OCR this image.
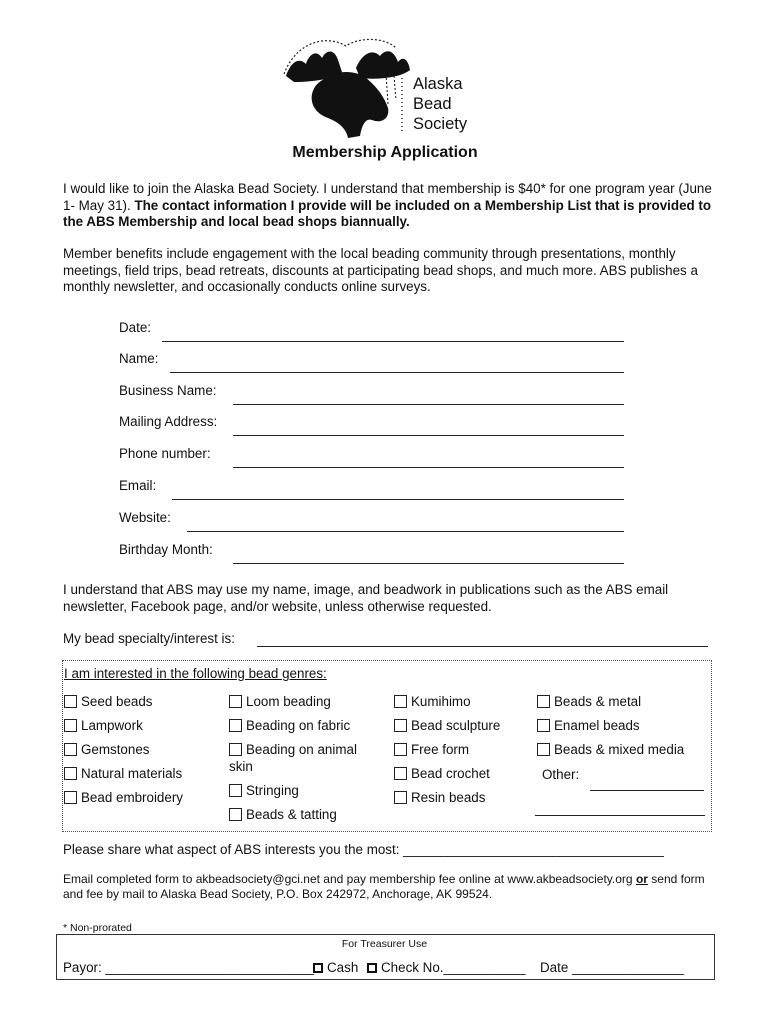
Alaska
Bead
Society
Membership Application
I would like to join the Alaska Bead Society. I understand that membership is $40* for one program year (June 1- May 31). The contact information I provide will be included on a Membership List that is provided to the ABS Membership and local bead shops biannually.
Member benefits include engagement with the local beading community through presentations, monthly meetings, field trips, bead retreats, discounts at participating bead shops, and much more. ABS publishes a monthly newsletter, and occasionally conducts online surveys.
Date:
Name:
Business Name:
Mailing Address:
Phone number:
Email:
Website:
Birthday Month:
I understand that ABS may use my name, image, and beadwork in publications such as the ABS email newsletter, Facebook page, and/or website, unless otherwise requested.
My bead specialty/interest is:
I am interested in the following bead genres:
Seed beads
Lampwork
Gemstones
Natural materials
Bead embroidery
Loom beading
Beading on fabric
Beading on animal
skin
Stringing
Beads & tatting
Kumihimo
Bead sculpture
Free form
Bead crochet
Resin beads
Beads & metal
Enamel beads
Beads & mixed media
Other:
Please share what aspect of ABS interests you the most: ___________________________________
Email completed form to akbeadsociety@gci.net and pay membership fee online at www.akbeadsociety.org or send form and fee by mail to Alaska Bead Society, P.O. Box 242972, Anchorage, AK 99524.
* Non-prorated
For Treasurer Use
Payor: ____________________________ Cash	Check No.___________ Date _______________
